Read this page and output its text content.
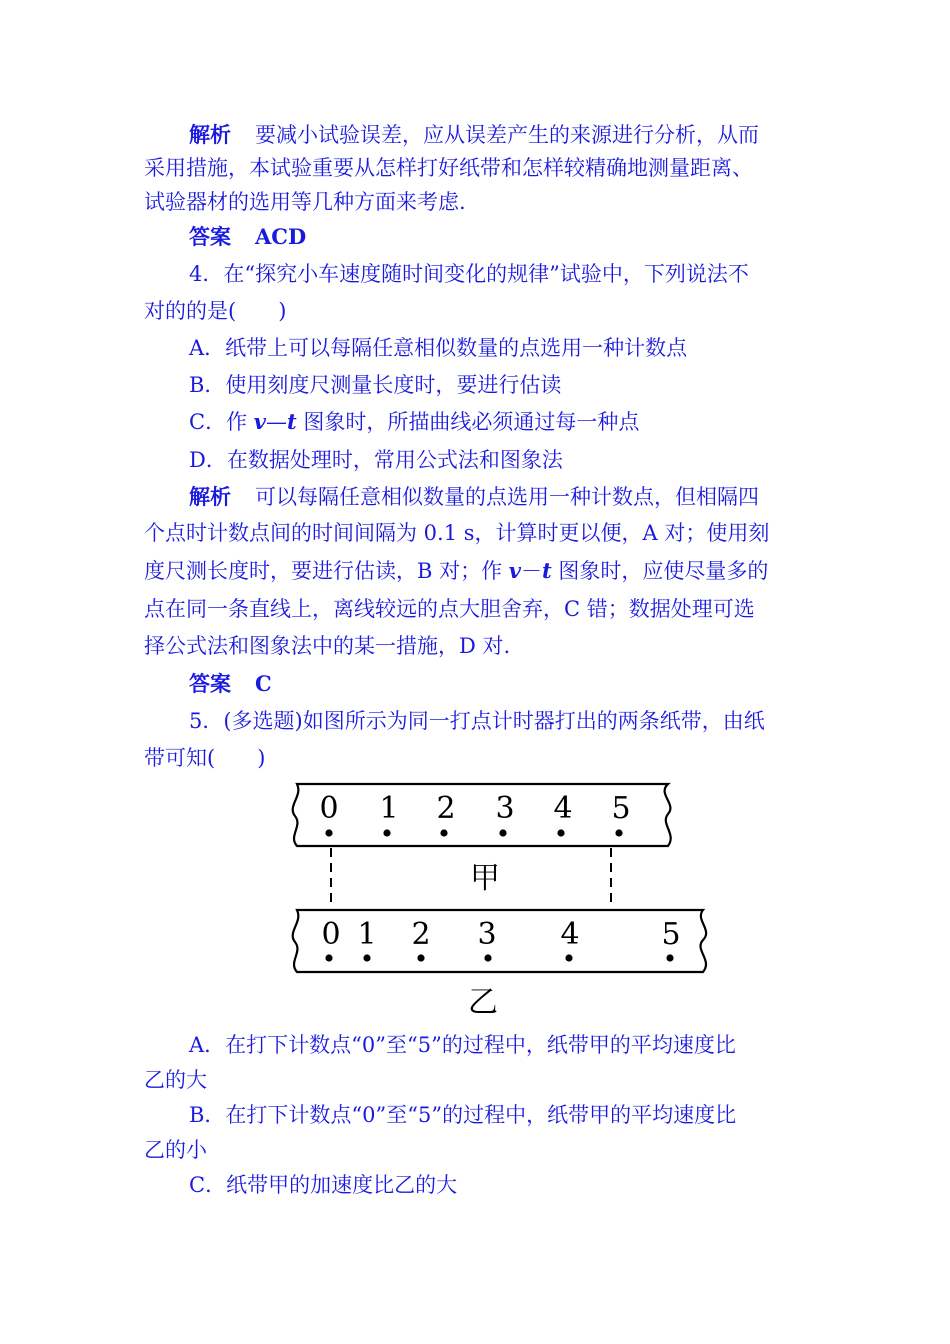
解析 要减小试验误差，应从误差产生的来源进行分析，从而
采用措施，本试验重要从怎样打好纸带和怎样较精确地测量距离、
试验器材的选用等几种方面来考虑.
答案 ACD
4．在“探究小车速度随时间变化的规律”试验中，下列说法不
对的的是( )
A．纸带上可以每隔任意相似数量的点选用一种计数点
B．使用刻度尺测量长度时，要进行估读
C．作 v—t 图象时，所描曲线必须通过每一种点
D．在数据处理时，常用公式法和图象法
解析 可以每隔任意相似数量的点选用一种计数点，但相隔四
个点时计数点间的时间间隔为 0.1 s，计算时更以便，A 对；使用刻
度尺测长度时，要进行估读，B 对；作 v－t 图象时，应使尽量多的
点在同一条直线上，离线较远的点大胆舍弃，C 错；数据处理可选
择公式法和图象法中的某一措施，D 对.
答案 C
5．(多选题)如图所示为同一打点计时器打出的两条纸带，由纸
带可知( )
0 1 2 3 4 5
甲
0 1 2 3 4	5
乙
A．在打下计数点“0”至“5”的过程中，纸带甲的平均速度比
乙的大
B．在打下计数点“0”至“5”的过程中，纸带甲的平均速度比
乙的小
C．纸带甲的加速度比乙的大
